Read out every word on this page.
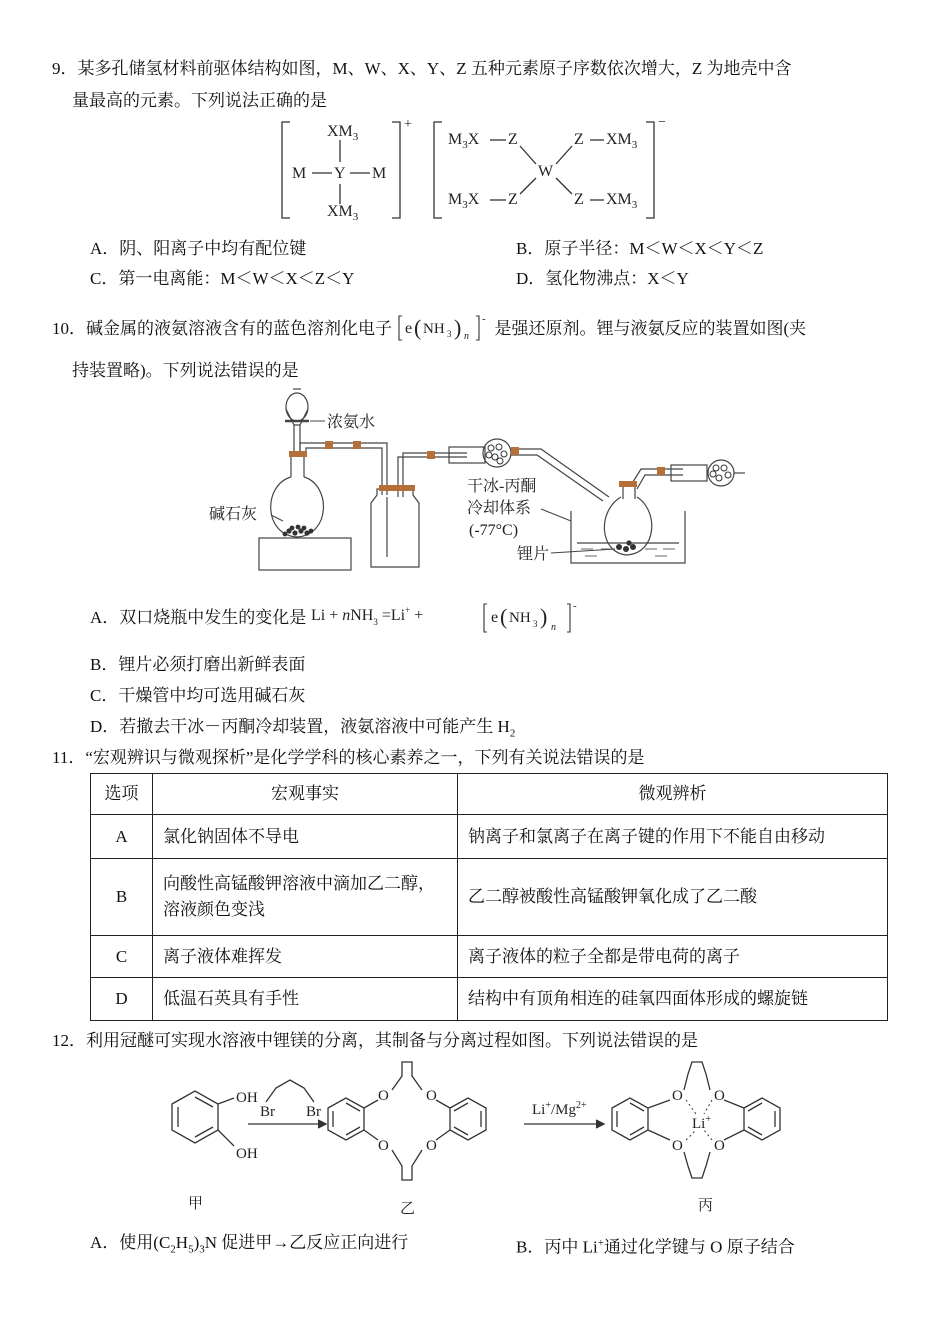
9．某多孔储氢材料前驱体结构如图，M、W、X、Y、Z 五种元素原子序数依次增大，Z 为地壳中含
量最高的元素。下列说法正确的是
$XM_3$
M Y M
$XM_3$
+
$M_3X$ Z
W
Z $XM_3$
$M_3X$ Z	Z $XM_3$
−
A．阴、阳离子中均有配位键	B．原子半径：M＜W＜X＜Y＜Z
C．第一电离能：M＜W＜X＜Z＜Y	D．氢化物沸点：X＜Y
10．碱金属的液氨溶液含有的蓝色溶剂化电子 e ( NH 3 ) n
- 是强还原剂。锂与液氨反应的装置如图(夹
持装置略)。下列说法错误的是
浓氨水
碱石灰
干冰-丙酮
冷却体系
(-77°C)
锂片
A．双口烧瓶中发生的变化是 Li + nNH$_3$ =Li+ +	e ( NH 3 ) n
-
B．锂片必须打磨出新鲜表面
C．干燥管中均可选用碱石灰
D．若撤去干冰－丙酮冷却装置，液氨溶液中可能产生 $H_2$
11．“宏观辨识与微观探析”是化学学科的核心素养之一，下列有关说法错误的是
选项	宏观事实	微观辨析
A	氯化钠固体不导电	钠离子和氯离子在离子键的作用下不能自由移动
B	向酸性高锰酸钾溶液中滴加乙二醇，溶液颜色变浅	乙二醇被酸性高锰酸钾氧化成了乙二酸
C	离子液体难挥发	离子液体的粒子全都是带电荷的离子
D	低温石英具有手性	结构中有顶角相连的硅氧四面体形成的螺旋链
12．利用冠醚可实现水溶液中锂镁的分离，其制备与分离过程如图。下列说法错误的是
OH
OH
Br Br
O O
O O
$Li^+/Mg^{2+}$
O O
O O
Li+
甲	乙	丙
A．使用$(C_2H_5)_3N$ 促进甲→乙反应正向进行	B．丙中 Li+通过化学键与 O 原子结合
